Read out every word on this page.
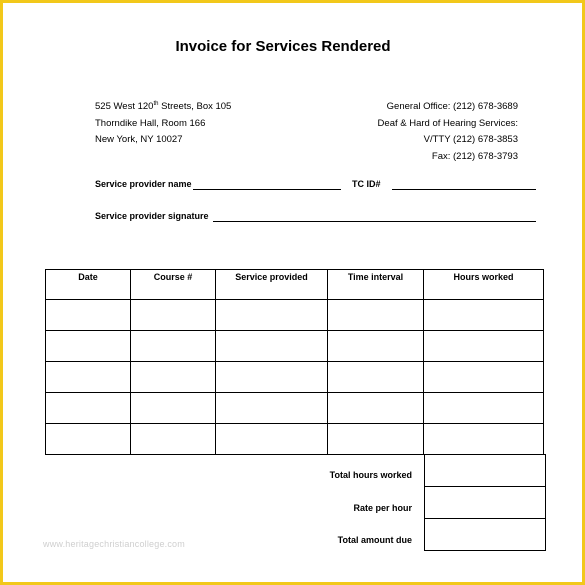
Invoice for Services Rendered
525 West 120th Streets, Box 105
Thorndike Hall, Room 166
New York, NY 10027
General Office: (212) 678-3689
Deaf & Hard of Hearing Services:
V/TTY (212) 678-3853
Fax: (212) 678-3793
Service provider name	TC ID#
Service provider signature
Date	Course #	Service provided	Time interval	Hours worked

Total hours worked
Rate per hour
Total amount due

www.heritagechristiancollege.com
